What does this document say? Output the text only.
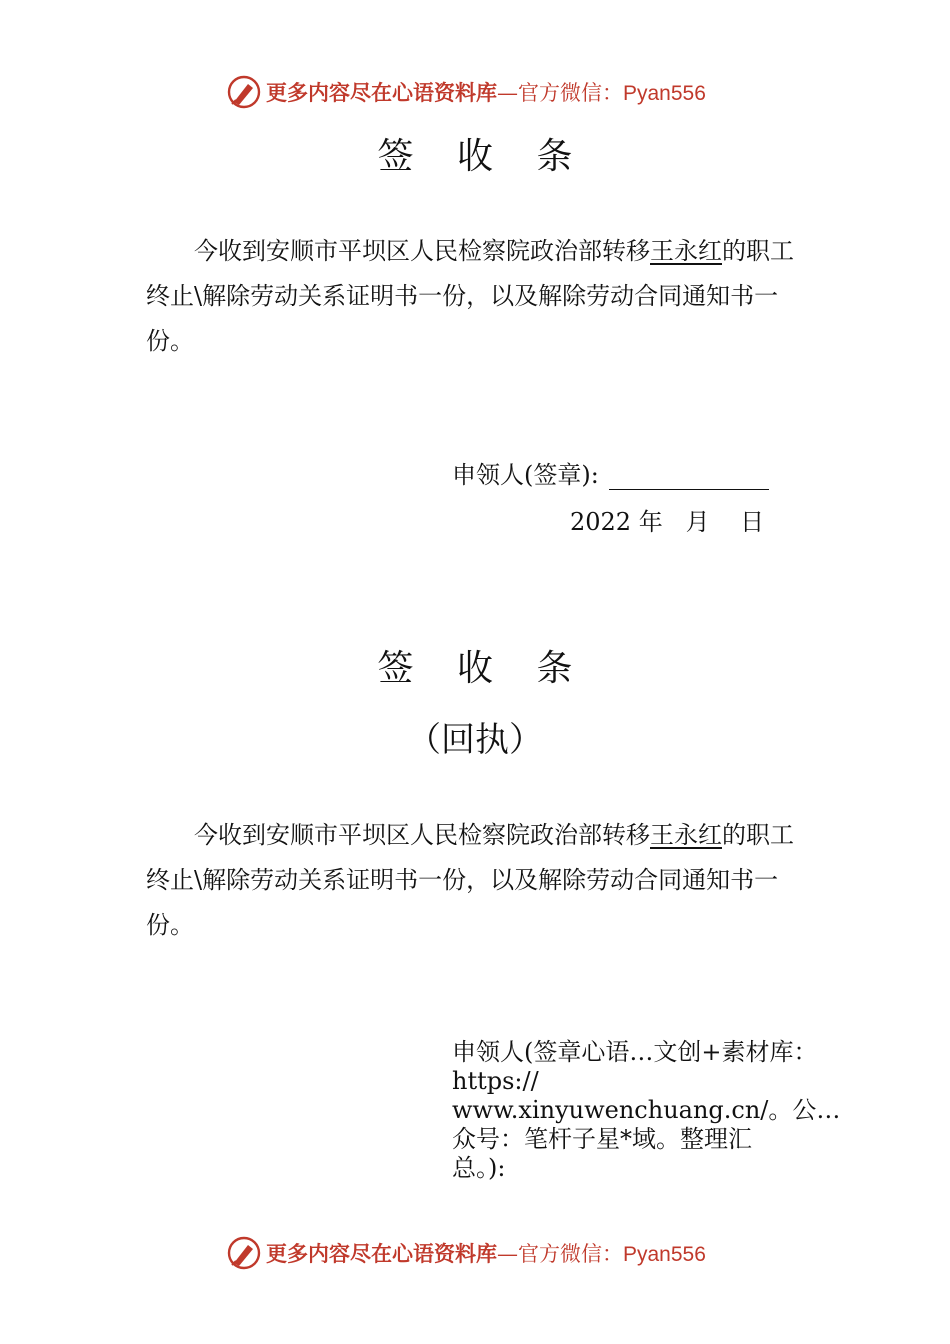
更多内容尽在心语资料库—官方微信：Pyan556
签 收 条
今收到安顺市平坝区人民检察院政治部转移王永红的职工终止\解除劳动关系证明书一份，以及解除劳动合同通知书一份。
申领人(签章):
2022 年   月    日
签 收 条
（回执）
今收到安顺市平坝区人民检察院政治部转移王永红的职工终止\解除劳动关系证明书一份，以及解除劳动合同通知书一份。
申领人(签章心语…文创+素材库：
https://
www.xinyuwenchuang.cn/。公…
众号：笔杆子星*域。整理汇
总。):
更多内容尽在心语资料库—官方微信：Pyan556
